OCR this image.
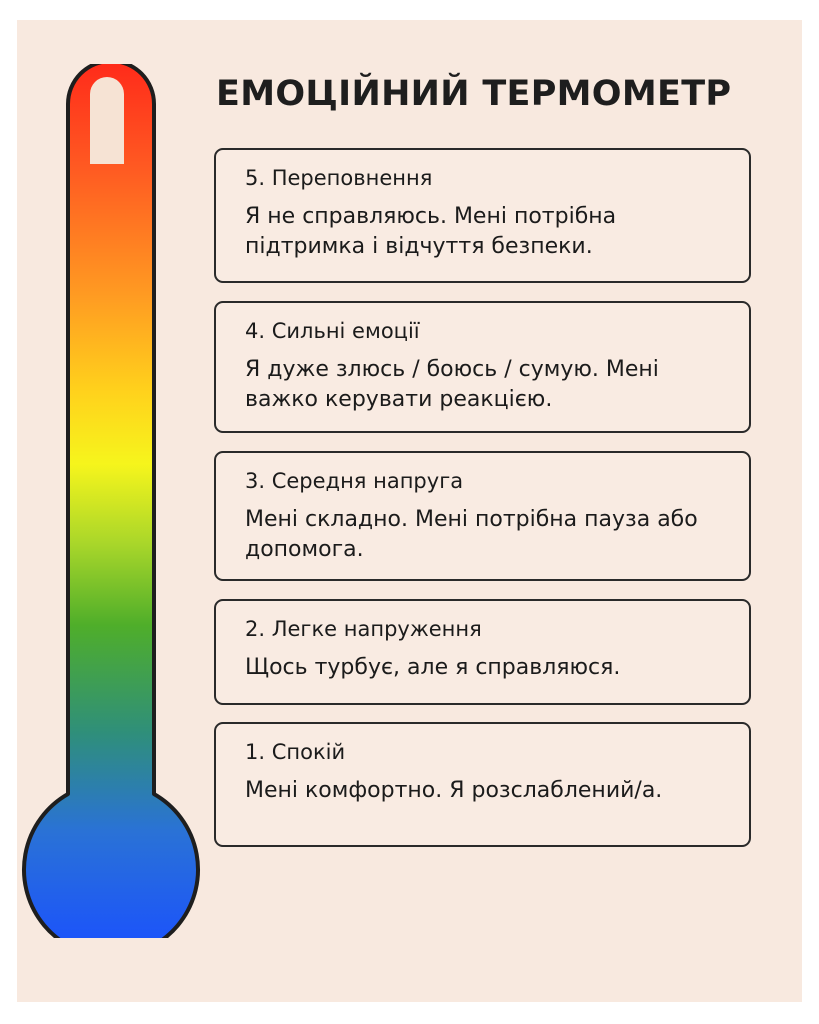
ЕМОЦІЙНИЙ ТЕРМОМЕТР
5. Переповнення
Я не справляюсь. Мені потрібна підтримка і відчуття безпеки.
4. Сильні емоції
Я дуже злюсь / боюсь / сумую. Мені важко керувати реакцією.
3. Середня напруга
Мені складно. Мені потрібна пауза або допомога.
2. Легке напруження
Щось турбує, але я справляюся.
1. Спокій
Мені комфортно. Я розслаблений/а.
